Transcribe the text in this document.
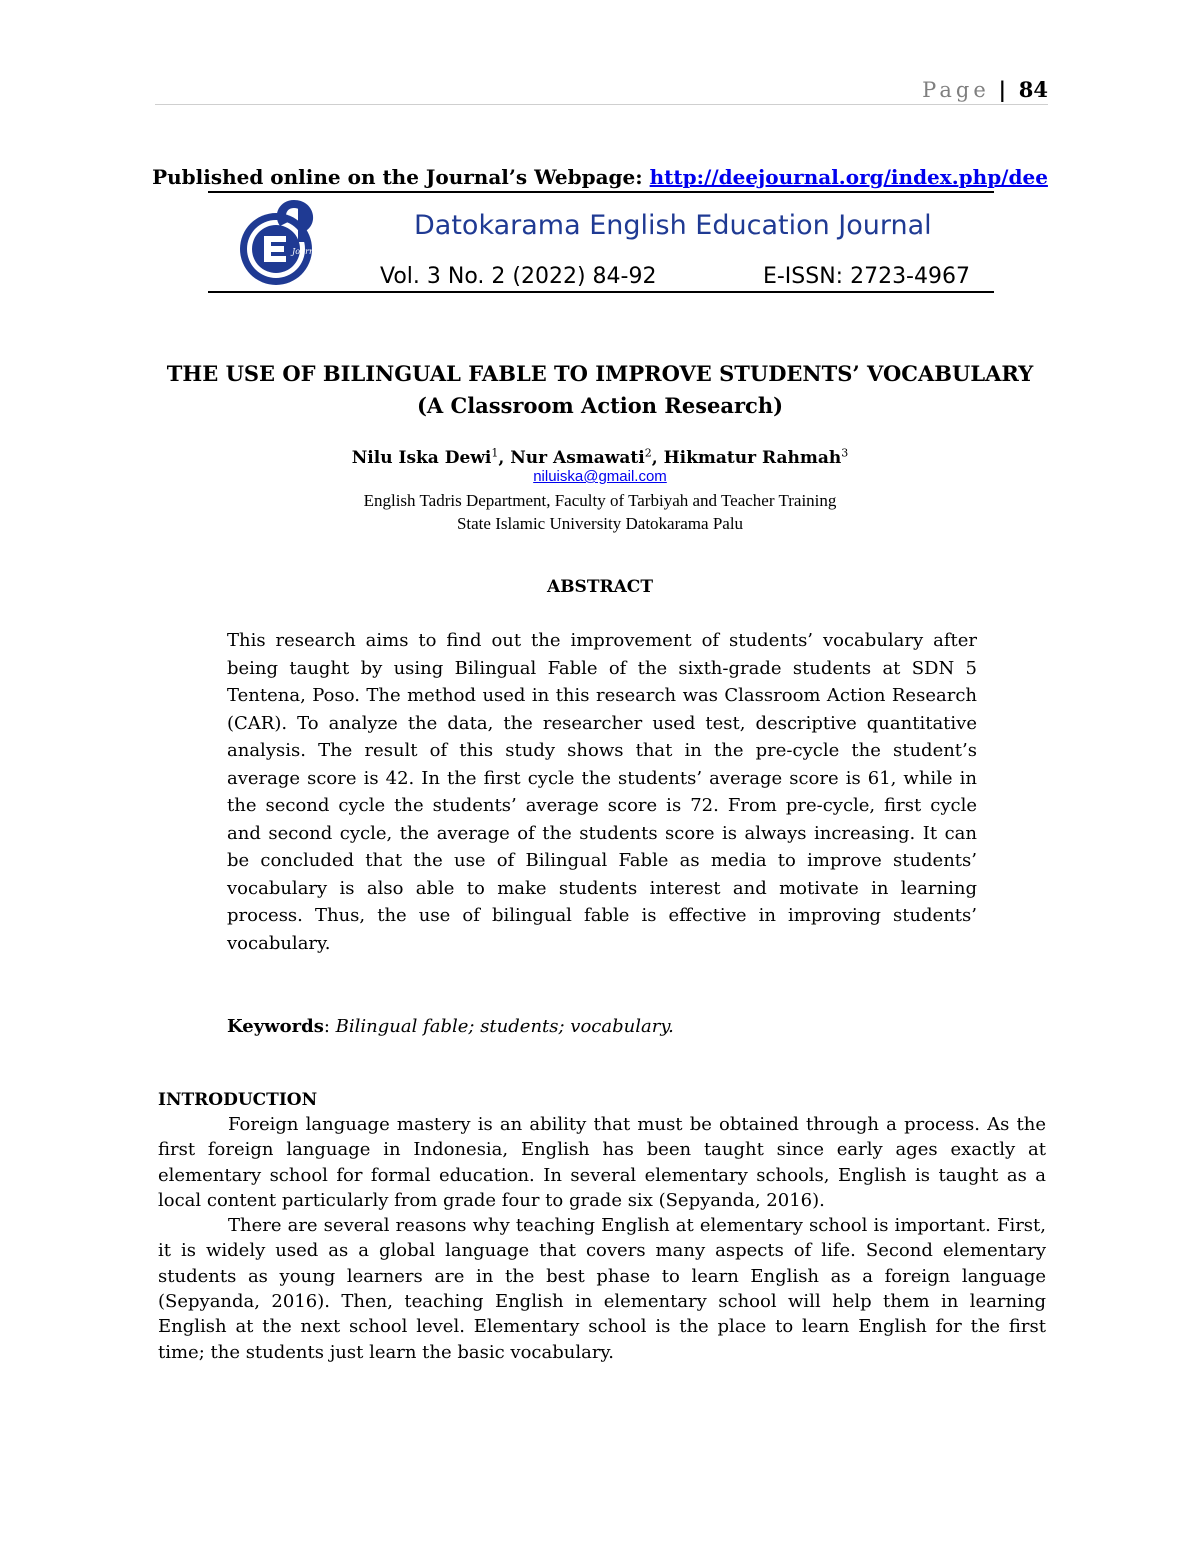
Page | 84
Published online on the Journal’s Webpage: http://deejournal.org/index.php/dee
Journal
Datokarama English Education Journal
Vol. 3 No. 2 (2022) 84-92	E-ISSN: 2723-4967
THE USE OF BILINGUAL FABLE TO IMPROVE STUDENTS’ VOCABULARY
(A Classroom Action Research)
Nilu Iska Dewi$^1$, Nur Asmawati$^2$, Hikmatur Rahmah$^3$
niluiska@gmail.com
English Tadris Department, Faculty of Tarbiyah and Teacher Training
State Islamic University Datokarama Palu
ABSTRACT
This research aims to find out the improvement of students’ vocabulary after being taught by using Bilingual Fable of the sixth-grade students at SDN 5 Tentena, Poso. The method used in this research was Classroom Action Research (CAR). To analyze the data, the researcher used test, descriptive quantitative analysis. The result of this study shows that in the pre-cycle the student’s average score is 42. In the first cycle the students’ average score is 61, while in the second cycle the students’ average score is 72. From pre-cycle, first cycle and second cycle, the average of the students score is always increasing. It can be concluded that the use of Bilingual Fable as media to improve students’ vocabulary is also able to make students interest and motivate in learning process. Thus, the use of bilingual fable is effective in improving students’ vocabulary.
Keywords: Bilingual fable; students; vocabulary.
INTRODUCTION

Foreign language mastery is an ability that must be obtained through a process. As the first foreign language in Indonesia, English has been taught since early ages exactly at elementary school for formal education. In several elementary schools, English is taught as a local content particularly from grade four to grade six (Sepyanda, 2016).

There are several reasons why teaching English at elementary school is important. First, it is widely used as a global language that covers many aspects of life. Second elementary students as young learners are in the best phase to learn English as a foreign language (Sepyanda, 2016). Then, teaching English in elementary school will help them in learning English at the next school level. Elementary school is the place to learn English for the first time; the students just learn the basic vocabulary.
